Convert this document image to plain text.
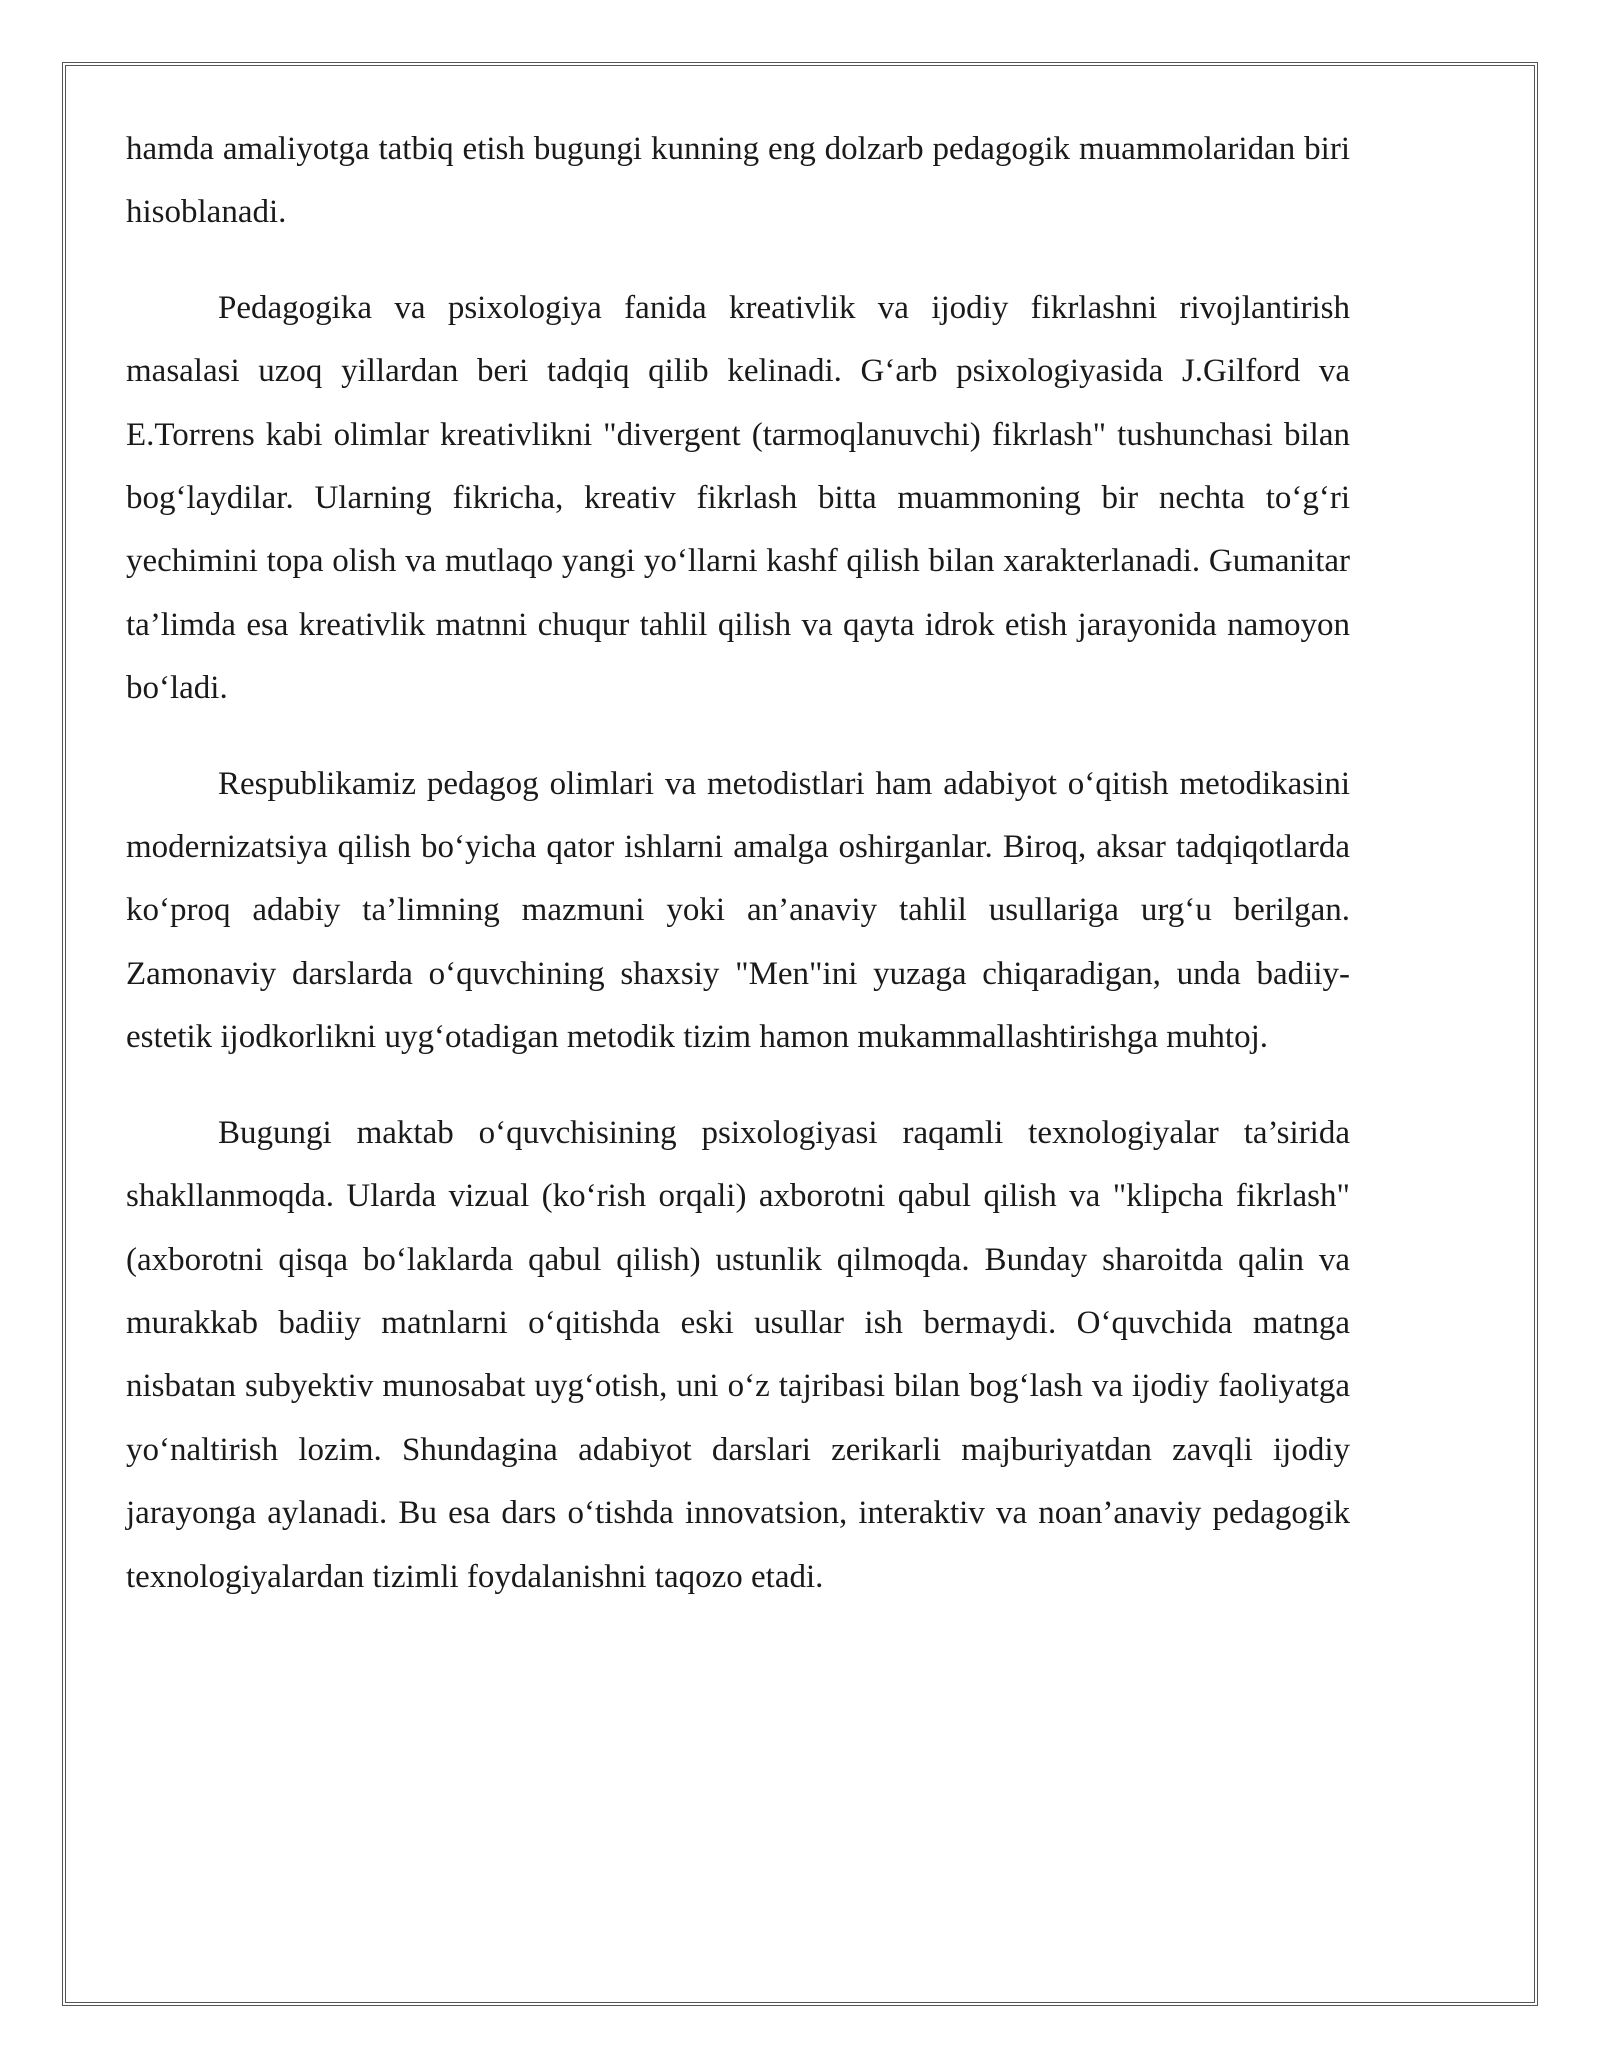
hamda amaliyotga tatbiq etish bugungi kunning eng dolzarb pedagogik muammolaridan biri hisoblanadi.

Pedagogika va psixologiya fanida kreativlik va ijodiy fikrlashni rivojlantirish masalasi uzoq yillardan beri tadqiq qilib kelinadi. G‘arb psixologiyasida J.Gilford va E.Torrens kabi olimlar kreativlikni "divergent (tarmoqlanuvchi) fikrlash" tushunchasi bilan bog‘laydilar. Ularning fikricha, kreativ fikrlash bitta muammoning bir nechta to‘g‘ri yechimini topa olish va mutlaqo yangi yo‘llarni kashf qilish bilan xarakterlanadi. Gumanitar ta’limda esa kreativlik matnni chuqur tahlil qilish va qayta idrok etish jarayonida namoyon bo‘ladi.

Respublikamiz pedagog olimlari va metodistlari ham adabiyot o‘qitish metodikasini modernizatsiya qilish bo‘yicha qator ishlarni amalga oshirganlar. Biroq, aksar tadqiqotlarda ko‘proq adabiy ta’limning mazmuni yoki an’anaviy tahlil usullariga urg‘u berilgan. Zamonaviy darslarda o‘quvchining shaxsiy "Men"ini yuzaga chiqaradigan, unda badiiy-estetik ijodkorlikni uyg‘otadigan metodik tizim hamon mukammallashtirishga muhtoj.

Bugungi maktab o‘quvchisining psixologiyasi raqamli texnologiyalar ta’sirida shakllanmoqda. Ularda vizual (ko‘rish orqali) axborotni qabul qilish va "klipcha fikrlash" (axborotni qisqa bo‘laklarda qabul qilish) ustunlik qilmoqda. Bunday sharoitda qalin va murakkab badiiy matnlarni o‘qitishda eski usullar ish bermaydi. O‘quvchida matnga nisbatan subyektiv munosabat uyg‘otish, uni o‘z tajribasi bilan bog‘lash va ijodiy faoliyatga yo‘naltirish lozim. Shundagina adabiyot darslari zerikarli majburiyatdan zavqli ijodiy jarayonga aylanadi. Bu esa dars o‘tishda innovatsion, interaktiv va noan’anaviy pedagogik texnologiyalardan tizimli foydalanishni taqozo etadi.
